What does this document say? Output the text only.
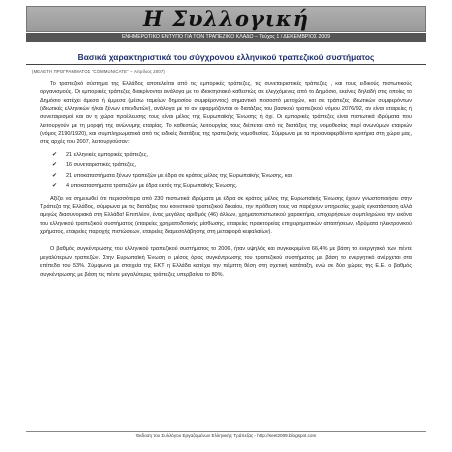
Η Συλλογική
ΕΝΗΜΕΡΩΤΙΚΟ ΕΝΤΥΠΟ ΓΙΑ ΤΟΝ ΤΡΑΠΕΖΙΚΟ ΚΛΑΔΟ – Τεύχος 1 / ΔΕΚΕΜΒΡΙΟΣ 2009
Βασικά χαρακτηριστικά του σύγχρονου ελληνικού τραπεζικού συστήματος
(ΜΕΛΕΤΗ ΠΡΟΓΡΑΜΜΑΤΟΣ "COMMUNICATE" – Απρίλιος 2007)

Το τραπεζικό σύστημα της Ελλάδος αποτελείται από τις εμπορικές τράπεζες, τις συνεταιριστικές τράπεζες , και τους ειδικούς πιστωτικούς οργανισμούς. Οι εμπορικές τράπεζες διακρίνονται ανάλογα με το ιδιοκτησιακό καθεστώς σε ελεγχόμενες από το Δημόσιο, εκείνες δηλαδή στις οποίες το Δημόσιο κατέχει άμεσα ή έμμεσα (μέσω ταμείων δημοσίου συμφέροντος) σημαντικό ποσοστό μετοχών, και σε τράπεζες ιδιωτικών συμφερόντων (ιδιωτικές ελληνικών ή/και ξένων επενδυτών), ανάλογα με το αν εφαρμόζονται οι διατάξεις του βασικού τραπεζικού νόμου 2076/92, αν είναι εταιρείες ή συνεταιρισμοί και αν η χώρα προέλευσης τους είναι μέλος της Ευρωπαϊκής Ένωσης ή όχι. Οι εμπορικές τράπεζες είναι πιστωτικά ιδρύματα που λειτουργούν με τη μορφή της ανώνυμης εταιρίας. Το καθεστώς λειτουργίας τους διέπεται από τις διατάξεις της νομοθεσίας περί ανωνύμων εταιριών (νόμος 2190/1920), και συμπληρωματικά από τις ειδικές διατάξεις της τραπεζικής νομοθεσίας. Σύμφωνα με τα προαναφερθέντα κριτήρια στη χώρα μας, στις αρχές του 2007, λειτουργούσαν:

✔ 21 ελληνικές εμπορικές τράπεζες,
✔ 16 συνεταιριστικές τράπεζες,
✔ 21 υποκαταστήματα ξένων τραπεζών με έδρα σε κράτος μέλος της Ευρωπαϊκής Ένωσης, και
✔ 4 υποκαταστήματα τραπεζών με έδρα εκτός της Ευρωπαϊκής Ένωσης.

Αξίζει να σημειωθεί ότι περισσότερα από 230 πιστωτικά ιδρύματα με έδρα σε κράτος μέλος της Ευρωπαϊκής Ένωσης έχουν γνωστοποιήσει στην Τράπεζα της Ελλάδος, σύμφωνα με τις διατάξεις του κοινοτικού τραπεζικού δικαίου, την πρόθεση τους να παρέχουν υπηρεσίες χωρίς εγκατάσταση αλλά αμιγώς διασυνοριακά στη Ελλάδα! Επιπλέον, ένας μεγάλος αριθμός (46) άλλων, χρηματοπιστωτικού χαρακτήρα, επιχειρήσεων συμπληρώνει την εικόνα του ελληνικού τραπεζικού συστήματος (εταιρείες χρηματοδοτικής μίσθωσης, εταιρείες πρακτορείας επιχειρηματικών απαιτήσεων, ιδρύματα ηλεκτρονικού χρήματος, εταιρείες παροχής πιστώσεων, εταιρείες διαμεσολάβησης στη μεταφορά κεφαλαίων).

Ο βαθμός συγκέντρωσης του ελληνικού τραπεζικού συστήματος το 2006, ήταν υψηλός και συγκεκριμένα 66,4% με βάση το ενεργητικό των πέντε μεγαλύτερων τραπεζών. Στην Ευρωπαϊκή Ένωση ο μέσος όρος συγκέντρωσης του τραπεζικού συστήματος με βάση το ενεργητικό ανέρχεται στα επίπεδα του 53%. Σύμφωνα με στοιχεία της ΕΚΤ η Ελλάδα κατέχει την πέμπτη θέση στη σχετική κατάταξη, ενώ σε δύο χώρες της Ε.Ε. ο βαθμός συγκέντρωσης με βάση τις πέντε μεγαλύτερες τράπεζες υπερβαίνει το 80%.

Έκδοση του Συλλόγου Εργαζομένων Ελληνικής Τράπεζας - http://seet2009.blogspot.com
